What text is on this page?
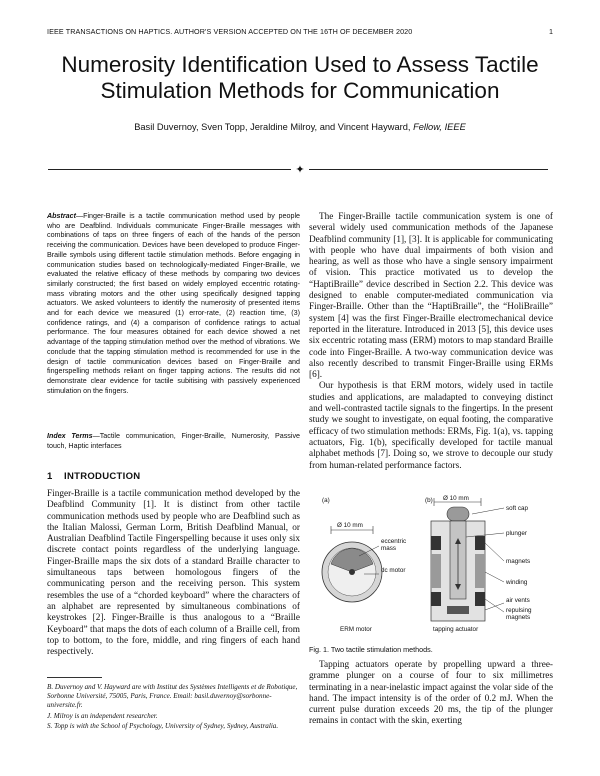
IEEE TRANSACTIONS ON HAPTICS. AUTHOR'S VERSION ACCEPTED ON THE 16TH OF DECEMBER 2020	1
Numerosity Identification Used to Assess Tactile Stimulation Methods for Communication
Basil Duvernoy, Sven Topp, Jeraldine Milroy, and Vincent Hayward, Fellow, IEEE
✦
Abstract—Finger-Braille is a tactile communication method used by people who are Deafblind. Individuals communicate Finger-Braille messages with combinations of taps on three fingers of each of the hands of the person receiving the communication. Devices have been developed to produce Finger-Braille symbols using different tactile stimulation methods. Before engaging in communication studies based on technologically-mediated Finger-Braille, we evaluated the relative efficacy of these methods by comparing two devices similarly constructed; the first based on widely employed eccentric rotating-mass vibrating motors and the other using specifically designed tapping actuators. We asked volunteers to identify the numerosity of presented items and for each device we measured (1) error-rate, (2) reaction time, (3) confidence ratings, and (4) a comparison of confidence ratings to actual performance. The four measures obtained for each device showed a net advantage of the tapping stimulation method over the method of vibrations. We conclude that the tapping stimulation method is recommended for use in the design of tactile communication devices based on Finger-Braille and fingerspelling methods reliant on finger tapping actions. The results did not demonstrate clear evidence for tactile subitising with passively experienced stimulation on the fingers.
Index Terms—Tactile communication, Finger-Braille, Numerosity, Passive touch, Haptic interfaces
1 INTRODUCTION

Finger-Braille is a tactile communication method developed by the Deafblind Community [1]. It is distinct from other tactile communication methods used by people who are Deafblind such as the Italian Malossi, German Lorm, British Deafblind Manual, or Australian Deafblind Tactile Fingerspelling because it uses only six discrete contact points regardless of the underlying language. Finger-Braille maps the six dots of a standard Braille character to simultaneous taps between homologous fingers of the communicating person and the receiving person. This system resembles the use of a “chorded keyboard” where the characters of an alphabet are represented by simultaneous combinations of keystrokes [2]. Finger-Braille is thus analogous to a “Braille Keyboard” that maps the dots of each column of a Braille cell, from top to bottom, to the fore, middle, and ring fingers of each hand respectively.

B. Duvernoy and V. Hayward are with Institut des Systèmes Intelligents et de Robotique, Sorbonne Université, 75005, Paris, France. Email: basil.duvernoy@sorbonne-universite.fr.
J. Milroy is an independent researcher.
S. Topp is with the School of Psychology, University of Sydney, Sydney, Australia.

The Finger-Braille tactile communication system is one of several widely used communication methods of the Japanese Deafblind community [1], [3]. It is applicable for communicating with people who have dual impairments of both vision and hearing, as well as those who have a single sensory impairment of vision. This practice motivated us to develop the “HaptiBraille” device described in Section 2.2. This device was designed to enable computer-mediated communication via Finger-Braille. Other than the “HaptiBraille”, the “HoliBraille” system [4] was the first Finger-Braille electromechanical device reported in the literature. Introduced in 2013 [5], this device uses six eccentric rotating mass (ERM) motors to map standard Braille code into Finger-Braille. A two-way communication device was also recently described to transmit Finger-Braille using ERMs [6].

Our hypothesis is that ERM motors, widely used in tactile studies and applications, are maladapted to conveying distinct and well-contrasted tactile signals to the fingertips. In the present study we sought to investigate, on equal footing, the comparative efficacy of two stimulation methods: ERMs, Fig. 1(a), vs. tapping actuators, Fig. 1(b), specifically developed for tactile manual alphabet methods [7]. Doing so, we strove to decouple our study from human-related performance factors.

(a)	(b)
Ø 10 mm
eccentric
mass
dc motor
ERM motor
Ø 10 mm
soft cap
plunger
magnets
winding
air vents
repulsing
magnets
tapping actuator
Fig. 1. Two tactile stimulation methods.

Tapping actuators operate by propelling upward a three-gramme plunger on a course of four to six millimetres terminating in a near-inelastic impact against the volar side of the hand. The impact intensity is of the order of 0.2 mJ. When the current pulse duration exceeds 20 ms, the tip of the plunger remains in contact with the skin, exerting
